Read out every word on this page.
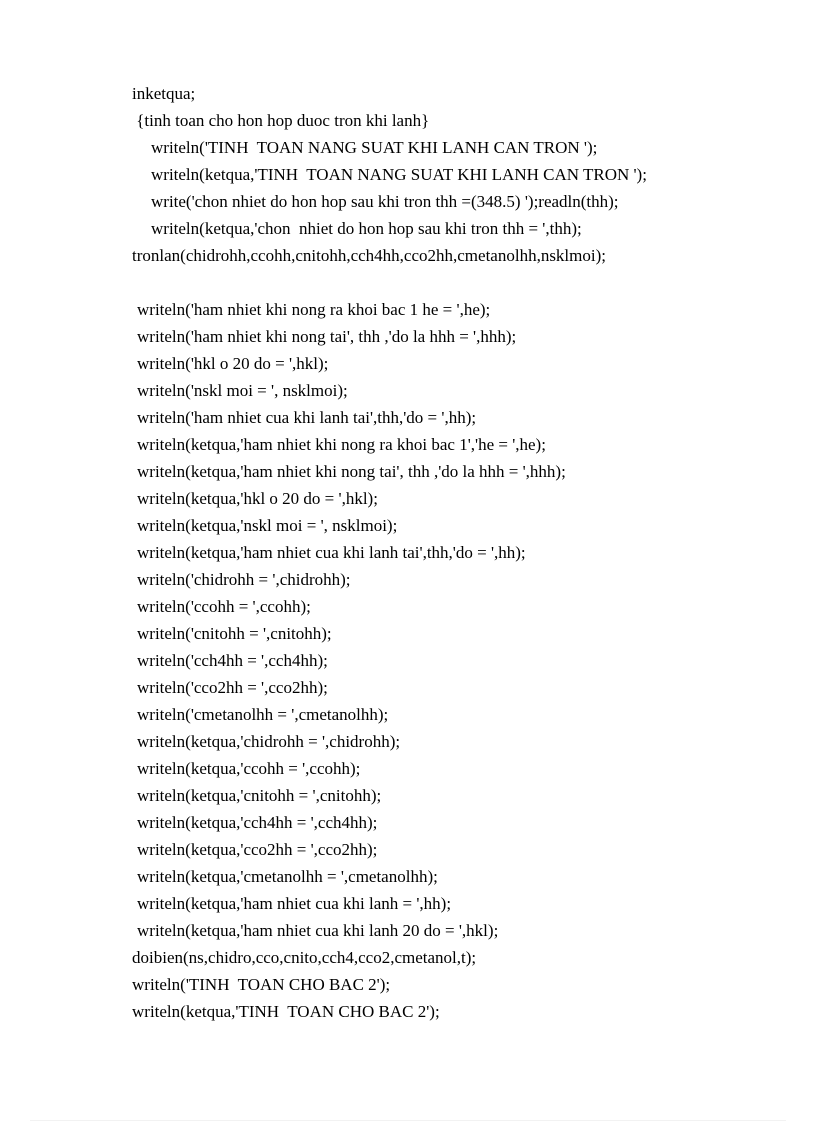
inketqua;
{tinh toan cho hon hop duoc tron khi lanh}
writeln('TINH  TOAN NANG SUAT KHI LANH CAN TRON ');
writeln(ketqua,'TINH  TOAN NANG SUAT KHI LANH CAN TRON ');
write('chon nhiet do hon hop sau khi tron thh =(348.5) ');readln(thh);
writeln(ketqua,'chon  nhiet do hon hop sau khi tron thh = ',thh);
tronlan(chidrohh,ccohh,cnitohh,cch4hh,cco2hh,cmetanolhh,nsklmoi);
writeln('ham nhiet khi nong ra khoi bac 1 he = ',he);
writeln('ham nhiet khi nong tai', thh ,'do la hhh = ',hhh);
writeln('hkl o 20 do = ',hkl);
writeln('nskl moi = ', nsklmoi);
writeln('ham nhiet cua khi lanh tai',thh,'do = ',hh);
writeln(ketqua,'ham nhiet khi nong ra khoi bac 1','he = ',he);
writeln(ketqua,'ham nhiet khi nong tai', thh ,'do la hhh = ',hhh);
writeln(ketqua,'hkl o 20 do = ',hkl);
writeln(ketqua,'nskl moi = ', nsklmoi);
writeln(ketqua,'ham nhiet cua khi lanh tai',thh,'do = ',hh);
writeln('chidrohh = ',chidrohh);
writeln('ccohh = ',ccohh);
writeln('cnitohh = ',cnitohh);
writeln('cch4hh = ',cch4hh);
writeln('cco2hh = ',cco2hh);
writeln('cmetanolhh = ',cmetanolhh);
writeln(ketqua,'chidrohh = ',chidrohh);
writeln(ketqua,'ccohh = ',ccohh);
writeln(ketqua,'cnitohh = ',cnitohh);
writeln(ketqua,'cch4hh = ',cch4hh);
writeln(ketqua,'cco2hh = ',cco2hh);
writeln(ketqua,'cmetanolhh = ',cmetanolhh);
writeln(ketqua,'ham nhiet cua khi lanh = ',hh);
writeln(ketqua,'ham nhiet cua khi lanh 20 do = ',hkl);
doibien(ns,chidro,cco,cnito,cch4,cco2,cmetanol,t);
writeln('TINH  TOAN CHO BAC 2');
writeln(ketqua,'TINH  TOAN CHO BAC 2');
